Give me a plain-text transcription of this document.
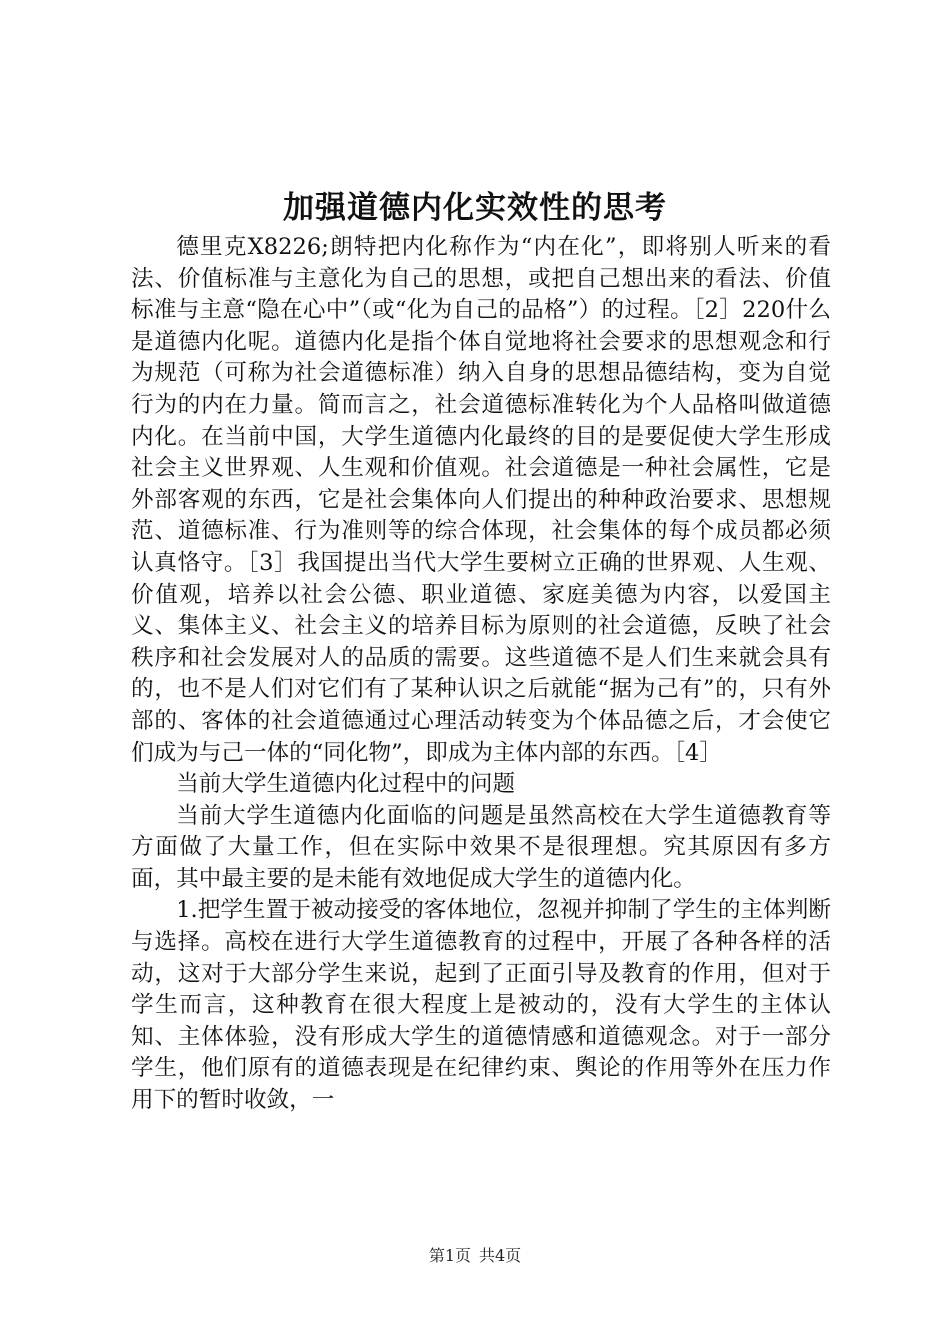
加强道德内化实效性的思考

德里克X8226;朗特把内化称作为“内在化”，即将别人听来的看法、价值标准与主意化为自己的思想，或把自己想出来的看法、价值标准与主意“隐在心中”（或“化为自己的品格”）的过程。［2］220什么是道德内化呢。道德内化是指个体自觉地将社会要求的思想观念和行为规范（可称为社会道德标准）纳入自身的思想品德结构，变为自觉行为的内在力量。简而言之，社会道德标准转化为个人品格叫做道德内化。在当前中国，大学生道德内化最终的目的是要促使大学生形成社会主义世界观、人生观和价值观。社会道德是一种社会属性，它是外部客观的东西，它是社会集体向人们提出的种种政治要求、思想规范、道德标准、行为准则等的综合体现，社会集体的每个成员都必须认真恪守。［3］我国提出当代大学生要树立正确的世界观、人生观、价值观，培养以社会公德、职业道德、家庭美德为内容，以爱国主义、集体主义、社会主义的培养目标为原则的社会道德，反映了社会秩序和社会发展对人的品质的需要。这些道德不是人们生来就会具有的，也不是人们对它们有了某种认识之后就能“据为己有”的，只有外部的、客体的社会道德通过心理活动转变为个体品德之后，才会使它们成为与己一体的“同化物”，即成为主体内部的东西。［4］

当前大学生道德内化过程中的问题

当前大学生道德内化面临的问题是虽然高校在大学生道德教育等方面做了大量工作，但在实际中效果不是很理想。究其原因有多方面，其中最主要的是未能有效地促成大学生的道德内化。

1.把学生置于被动接受的客体地位，忽视并抑制了学生的主体判断与选择。高校在进行大学生道德教育的过程中，开展了各种各样的活动，这对于大部分学生来说，起到了正面引导及教育的作用，但对于学生而言，这种教育在很大程度上是被动的，没有大学生的主体认知、主体体验，没有形成大学生的道德情感和道德观念。对于一部分学生，他们原有的道德表现是在纪律约束、舆论的作用等外在压力作用下的暂时收敛，一

第1页 共4页
